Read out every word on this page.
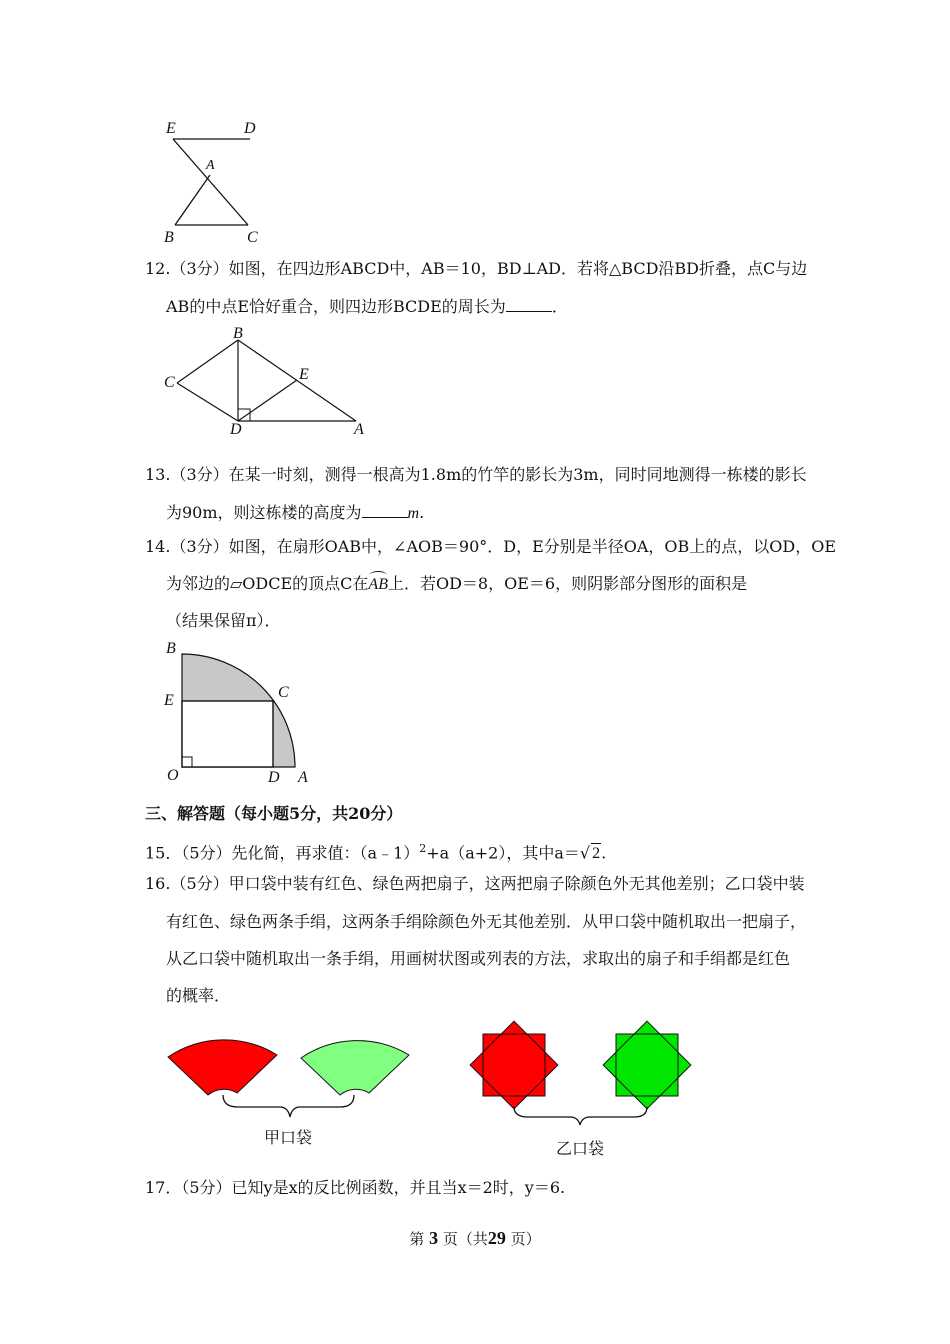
E	D
A
B	C
12.（3分）如图，在四边形ABCD中，AB＝10，BD⊥AD．若将△BCD沿BD折叠，点C与边
AB的中点E恰好重合，则四边形BCDE的周长为	．
B
C	E
D	A
13.（3分）在某一时刻，测得一根高为1.8m的竹竿的影长为3m，同时同地测得一栋楼的影长
为90m，则这栋楼的高度为	m.
14.（3分）如图，在扇形OAB中，∠AOB＝90°．D，E分别是半径OA，OB上的点，以OD，OE
为邻边的▱ODCE的顶点C在AB上．若OD＝8，OE＝6，则阴影部分图形的面积是
（结果保留π）．
B
E	C
O	D A
三、解答题（每小题5分，共20分）
15．（5分）先化简，再求值：（a﹣1）$^2$+a（a+2），其中a＝√ 2.
16.（5分）甲口袋中装有红色、绿色两把扇子，这两把扇子除颜色外无其他差别；乙口袋中装
有红色、绿色两条手绢，这两条手绢除颜色外无其他差别．从甲口袋中随机取出一把扇子，
从乙口袋中随机取出一条手绢，用画树状图或列表的方法，求取出的扇子和手绢都是红色
的概率．
甲口袋
乙口袋
17．（5分）已知y是x的反比例函数，并且当x＝2时，y＝6.
第 3 页（共29 页）
